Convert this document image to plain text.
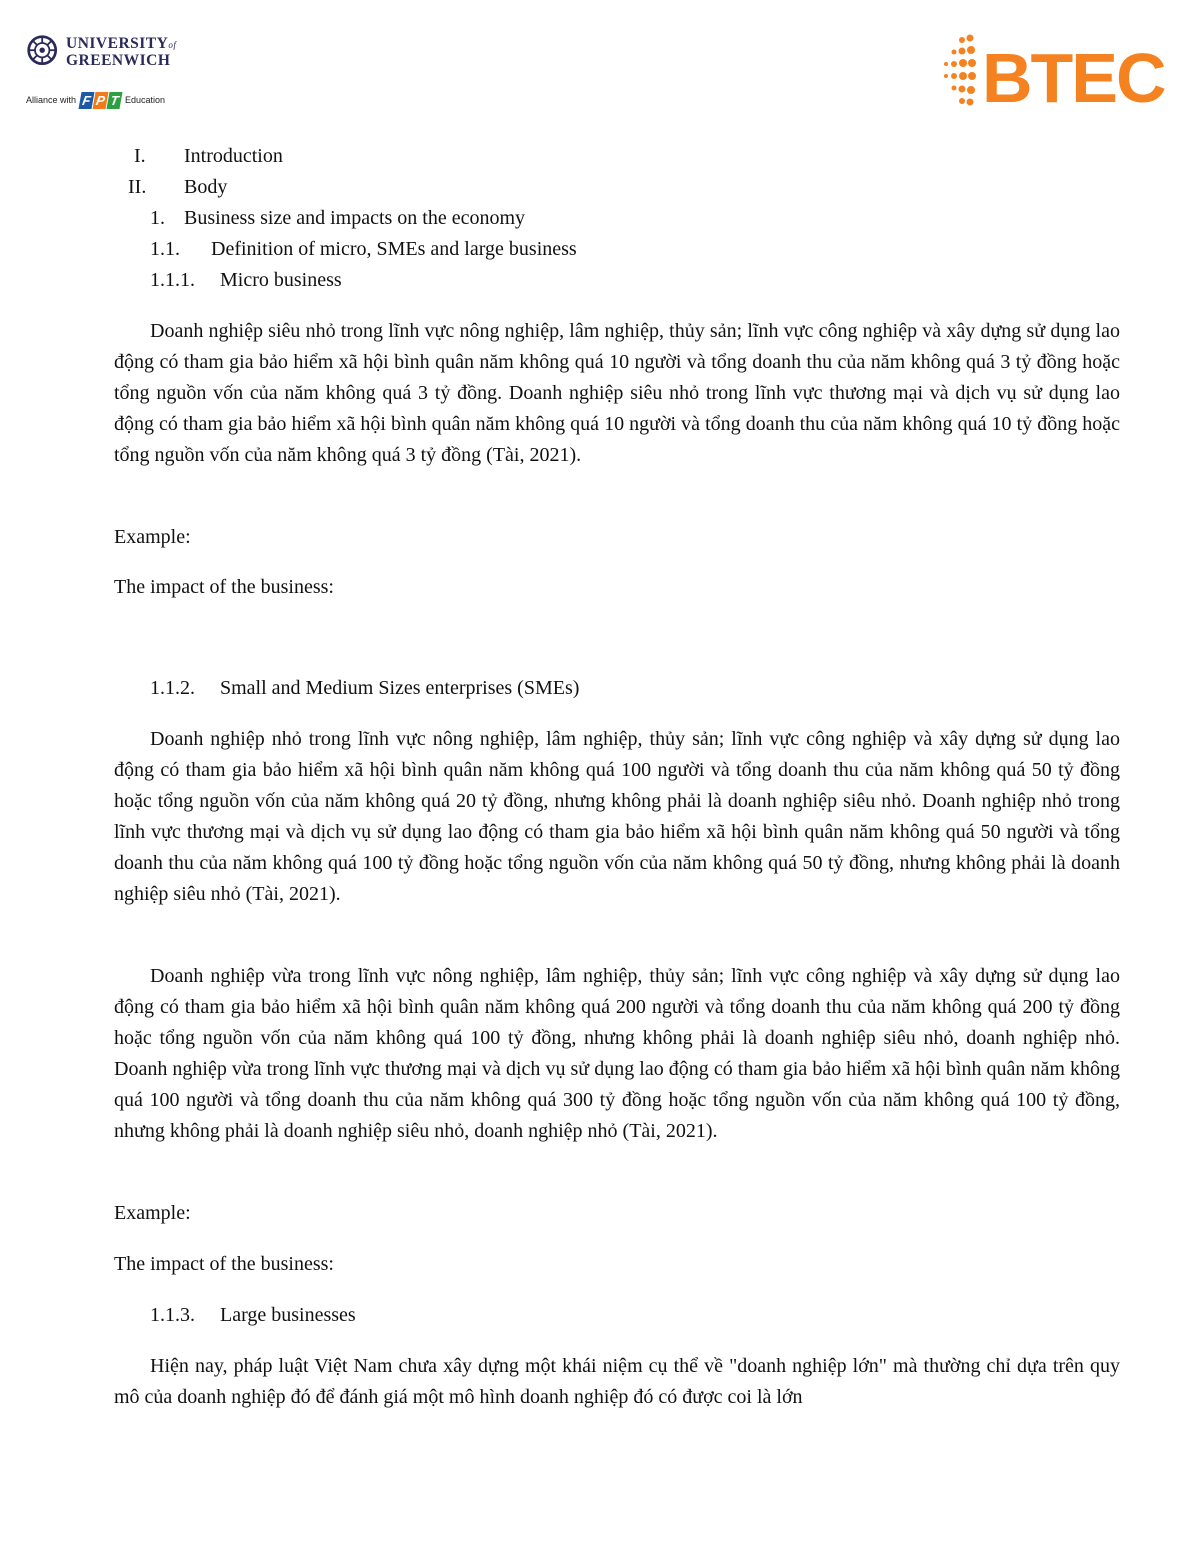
UNIVERSITYof
GREENWICH
Alliance with F P T Education	BTEC
I. Introduction
II. Body
1. Business size and impacts on the economy
1.1. Definition of micro, SMEs and large business
1.1.1. Micro business

Doanh nghiệp siêu nhỏ trong lĩnh vực nông nghiệp, lâm nghiệp, thủy sản; lĩnh vực công nghiệp và xây dựng sử dụng lao động có tham gia bảo hiểm xã hội bình quân năm không quá 10 người và tổng doanh thu của năm không quá 3 tỷ đồng hoặc tổng nguồn vốn của năm không quá 3 tỷ đồng. Doanh nghiệp siêu nhỏ trong lĩnh vực thương mại và dịch vụ sử dụng lao động có tham gia bảo hiểm xã hội bình quân năm không quá 10 người và tổng doanh thu của năm không quá 10 tỷ đồng hoặc tổng nguồn vốn của năm không quá 3 tỷ đồng (Tài, 2021).

Example:

The impact of the business:

1.1.2. Small and Medium Sizes enterprises (SMEs)

Doanh nghiệp nhỏ trong lĩnh vực nông nghiệp, lâm nghiệp, thủy sản; lĩnh vực công nghiệp và xây dựng sử dụng lao động có tham gia bảo hiểm xã hội bình quân năm không quá 100 người và tổng doanh thu của năm không quá 50 tỷ đồng hoặc tổng nguồn vốn của năm không quá 20 tỷ đồng, nhưng không phải là doanh nghiệp siêu nhỏ. Doanh nghiệp nhỏ trong lĩnh vực thương mại và dịch vụ sử dụng lao động có tham gia bảo hiểm xã hội bình quân năm không quá 50 người và tổng doanh thu của năm không quá 100 tỷ đồng hoặc tổng nguồn vốn của năm không quá 50 tỷ đồng, nhưng không phải là doanh nghiệp siêu nhỏ (Tài, 2021).

Doanh nghiệp vừa trong lĩnh vực nông nghiệp, lâm nghiệp, thủy sản; lĩnh vực công nghiệp và xây dựng sử dụng lao động có tham gia bảo hiểm xã hội bình quân năm không quá 200 người và tổng doanh thu của năm không quá 200 tỷ đồng hoặc tổng nguồn vốn của năm không quá 100 tỷ đồng, nhưng không phải là doanh nghiệp siêu nhỏ, doanh nghiệp nhỏ. Doanh nghiệp vừa trong lĩnh vực thương mại và dịch vụ sử dụng lao động có tham gia bảo hiểm xã hội bình quân năm không quá 100 người và tổng doanh thu của năm không quá 300 tỷ đồng hoặc tổng nguồn vốn của năm không quá 100 tỷ đồng, nhưng không phải là doanh nghiệp siêu nhỏ, doanh nghiệp nhỏ (Tài, 2021).

Example:

The impact of the business:

1.1.3. Large businesses

Hiện nay, pháp luật Việt Nam chưa xây dựng một khái niệm cụ thể về "doanh nghiệp lớn" mà thường chỉ dựa trên quy mô của doanh nghiệp đó để đánh giá một mô hình doanh nghiệp đó có được coi là lớn
